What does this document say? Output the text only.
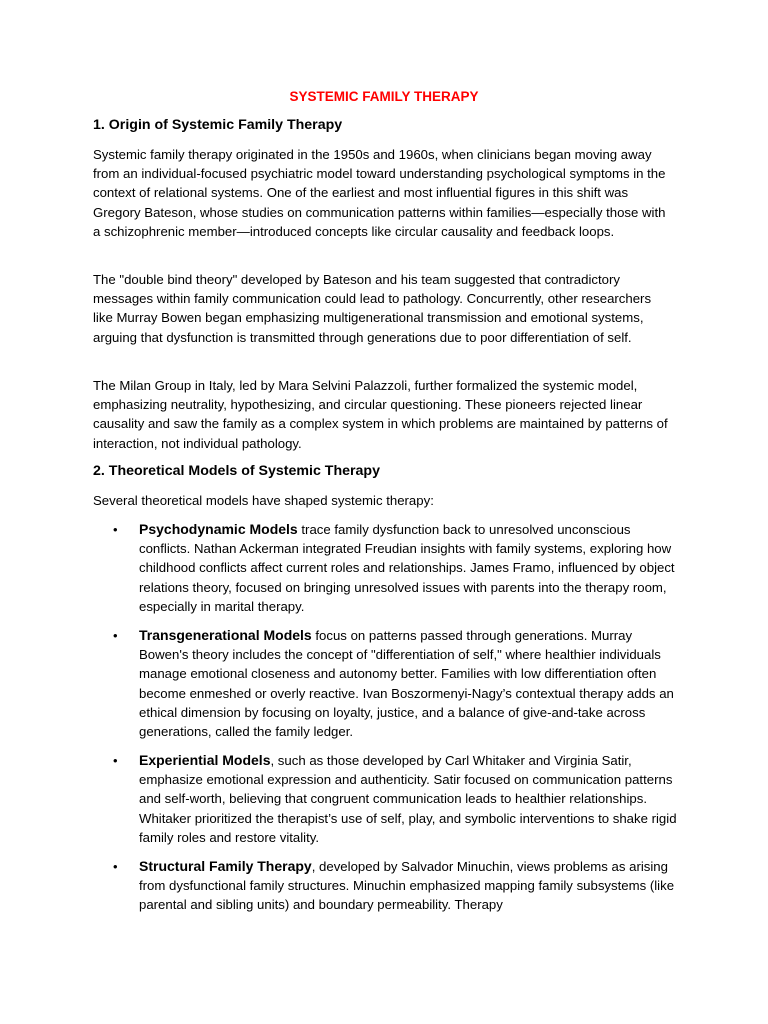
SYSTEMIC FAMILY THERAPY
1. Origin of Systemic Family Therapy

Systemic family therapy originated in the 1950s and 1960s, when clinicians began moving away from an individual-focused psychiatric model toward understanding psychological symptoms in the context of relational systems. One of the earliest and most influential figures in this shift was Gregory Bateson, whose studies on communication patterns within families—especially those with a schizophrenic member—introduced concepts like circular causality and feedback loops.

The "double bind theory" developed by Bateson and his team suggested that contradictory messages within family communication could lead to pathology. Concurrently, other researchers like Murray Bowen began emphasizing multigenerational transmission and emotional systems, arguing that dysfunction is transmitted through generations due to poor differentiation of self.

The Milan Group in Italy, led by Mara Selvini Palazzoli, further formalized the systemic model, emphasizing neutrality, hypothesizing, and circular questioning. These pioneers rejected linear causality and saw the family as a complex system in which problems are maintained by patterns of interaction, not individual pathology.

2. Theoretical Models of Systemic Therapy

Several theoretical models have shaped systemic therapy:

•	Psychodynamic Models trace family dysfunction back to unresolved unconscious conflicts. Nathan Ackerman integrated Freudian insights with family systems, exploring how childhood conflicts affect current roles and relationships. James Framo, influenced by object relations theory, focused on bringing unresolved issues with parents into the therapy room, especially in marital therapy.
•	Transgenerational Models focus on patterns passed through generations. Murray Bowen's theory includes the concept of "differentiation of self," where healthier individuals manage emotional closeness and autonomy better. Families with low differentiation often become enmeshed or overly reactive. Ivan Boszormenyi-Nagy’s contextual therapy adds an ethical dimension by focusing on loyalty, justice, and a balance of give-and-take across generations, called the family ledger.
•	Experiential Models, such as those developed by Carl Whitaker and Virginia Satir, emphasize emotional expression and authenticity. Satir focused on communication patterns and self-worth, believing that congruent communication leads to healthier relationships. Whitaker prioritized the therapist’s use of self, play, and symbolic interventions to shake rigid family roles and restore vitality.
•	Structural Family Therapy, developed by Salvador Minuchin, views problems as arising from dysfunctional family structures. Minuchin emphasized mapping family subsystems (like parental and sibling units) and boundary permeability. Therapy
